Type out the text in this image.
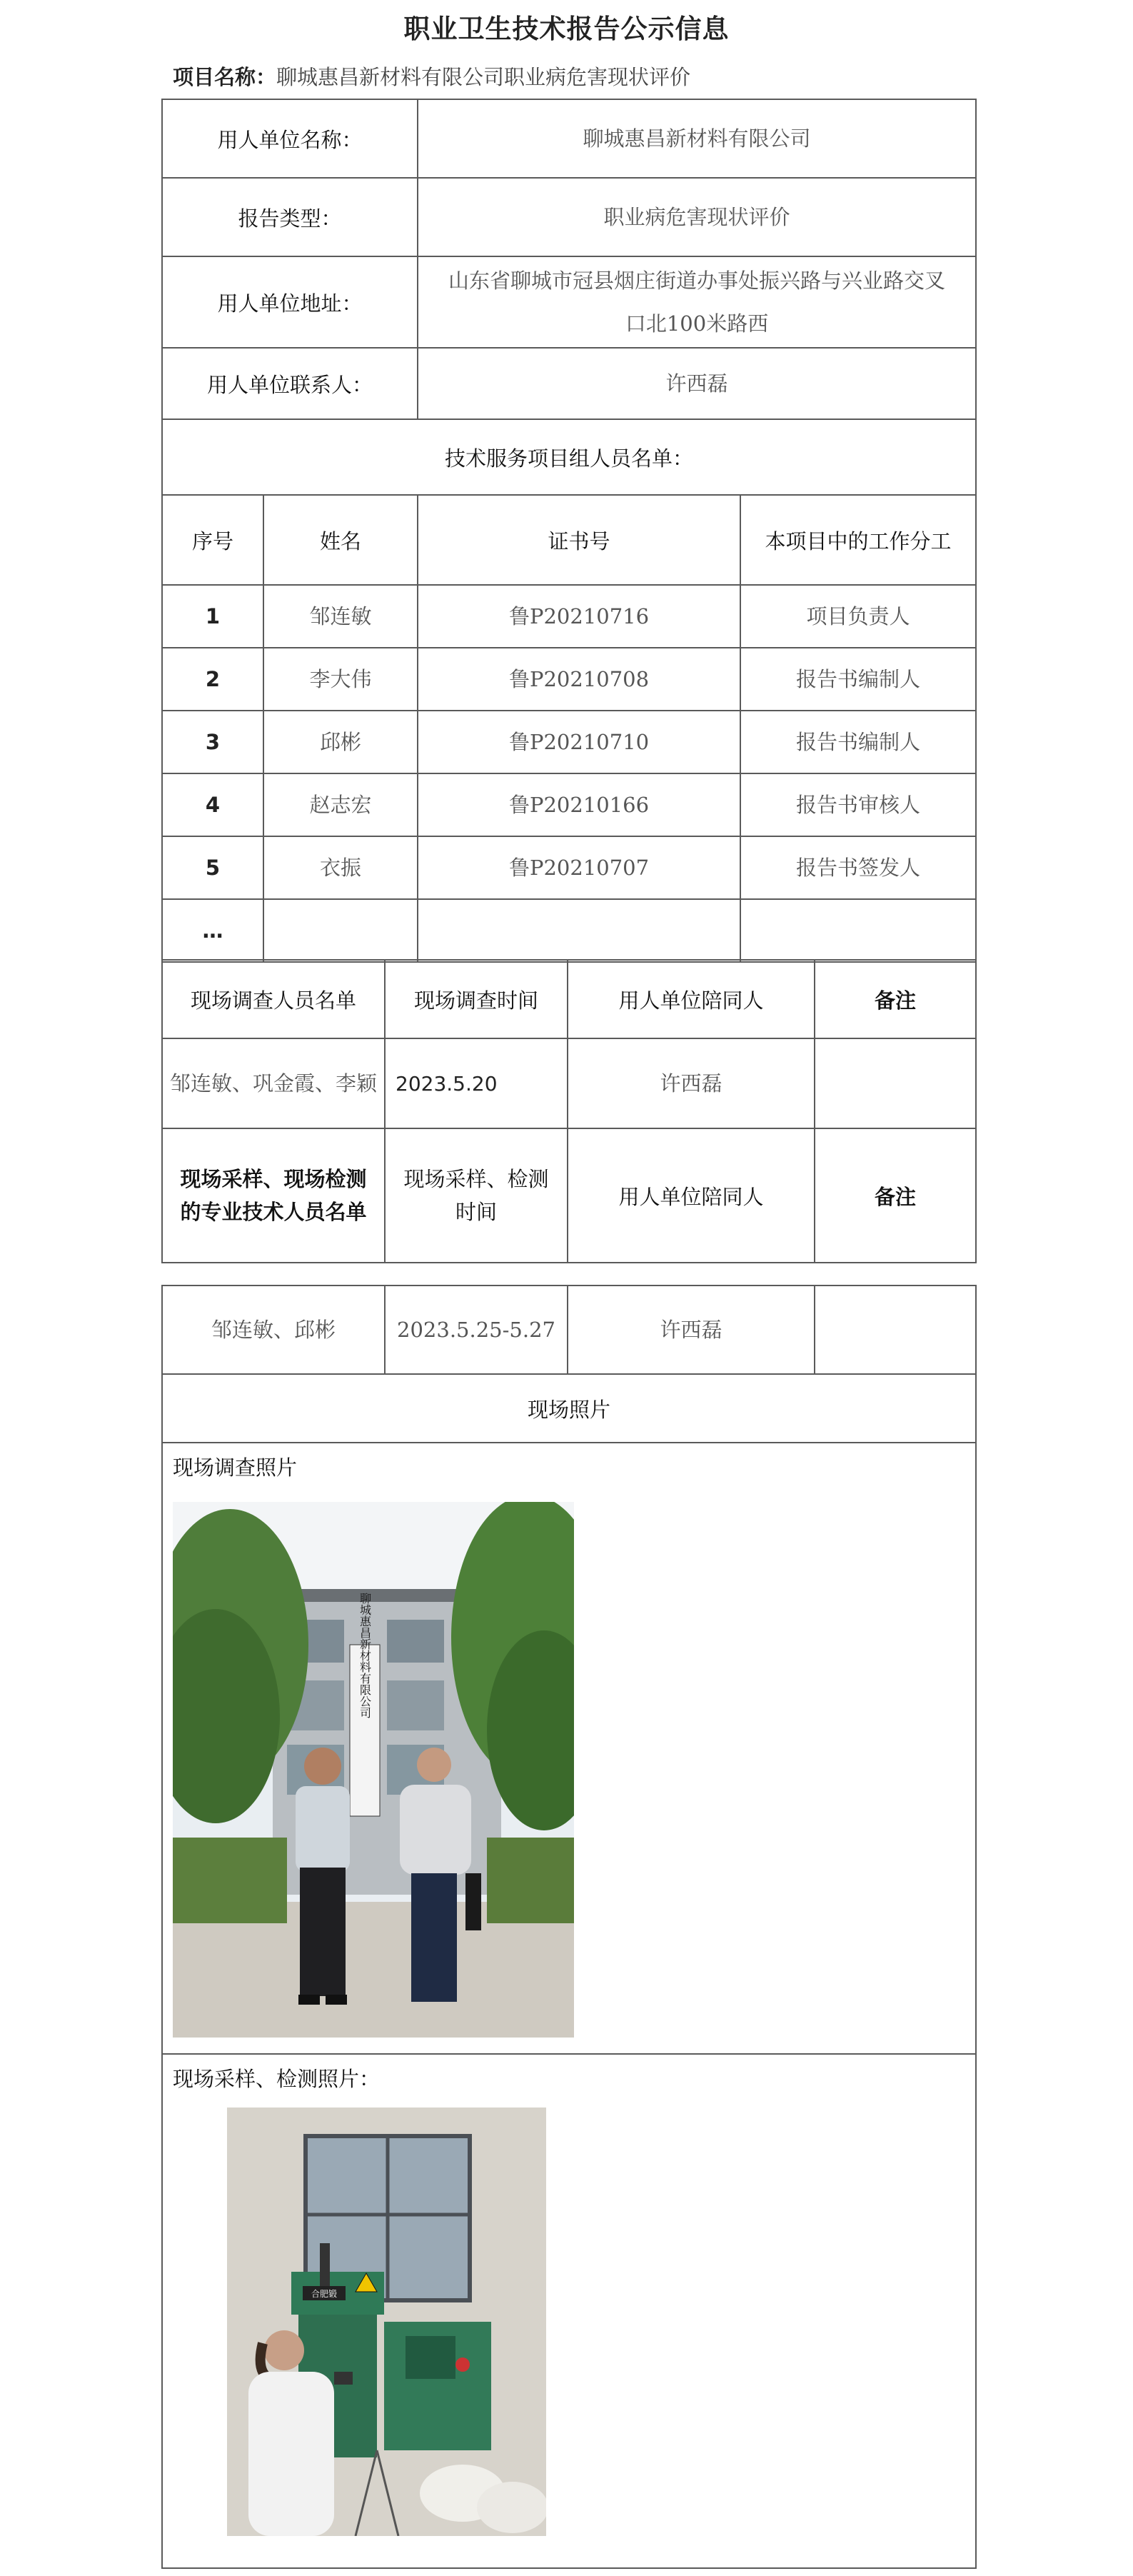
职业卫生技术报告公示信息
项目名称：聊城惠昌新材料有限公司职业病危害现状评价
用人单位名称：		聊城惠昌新材料有限公司	
报告类型：		职业病危害现状评价	
用人单位地址：		山东省聊城市冠县烟庄街道办事处振兴路与兴业路交叉口北100米路西	
用人单位联系人：		许西磊	
技术服务项目组人员名单：			
序号	姓名	证书号	本项目中的工作分工
1	邹连敏	鲁P20210716	项目负责人
2	李大伟	鲁P20210708	报告书编制人
3	邱彬	鲁P20210710	报告书编制人
4	赵志宏	鲁P20210166	报告书审核人
5	衣振	鲁P20210707	报告书签发人
…			
现场调查人员名单	现场调查时间	用人单位陪同人	备注
邹连敏、巩金霞、李颖	2023.5.20	许西磊	
现场采样、现场检测的专业技术人员名单	现场采样、检测时间	用人单位陪同人	备注
邹连敏、邱彬	2023.5.25-5.27	许西磊	
现场照片

现场调查照片
聊城惠昌新材料有限公司

现场采样、检测照片：
合肥锻
